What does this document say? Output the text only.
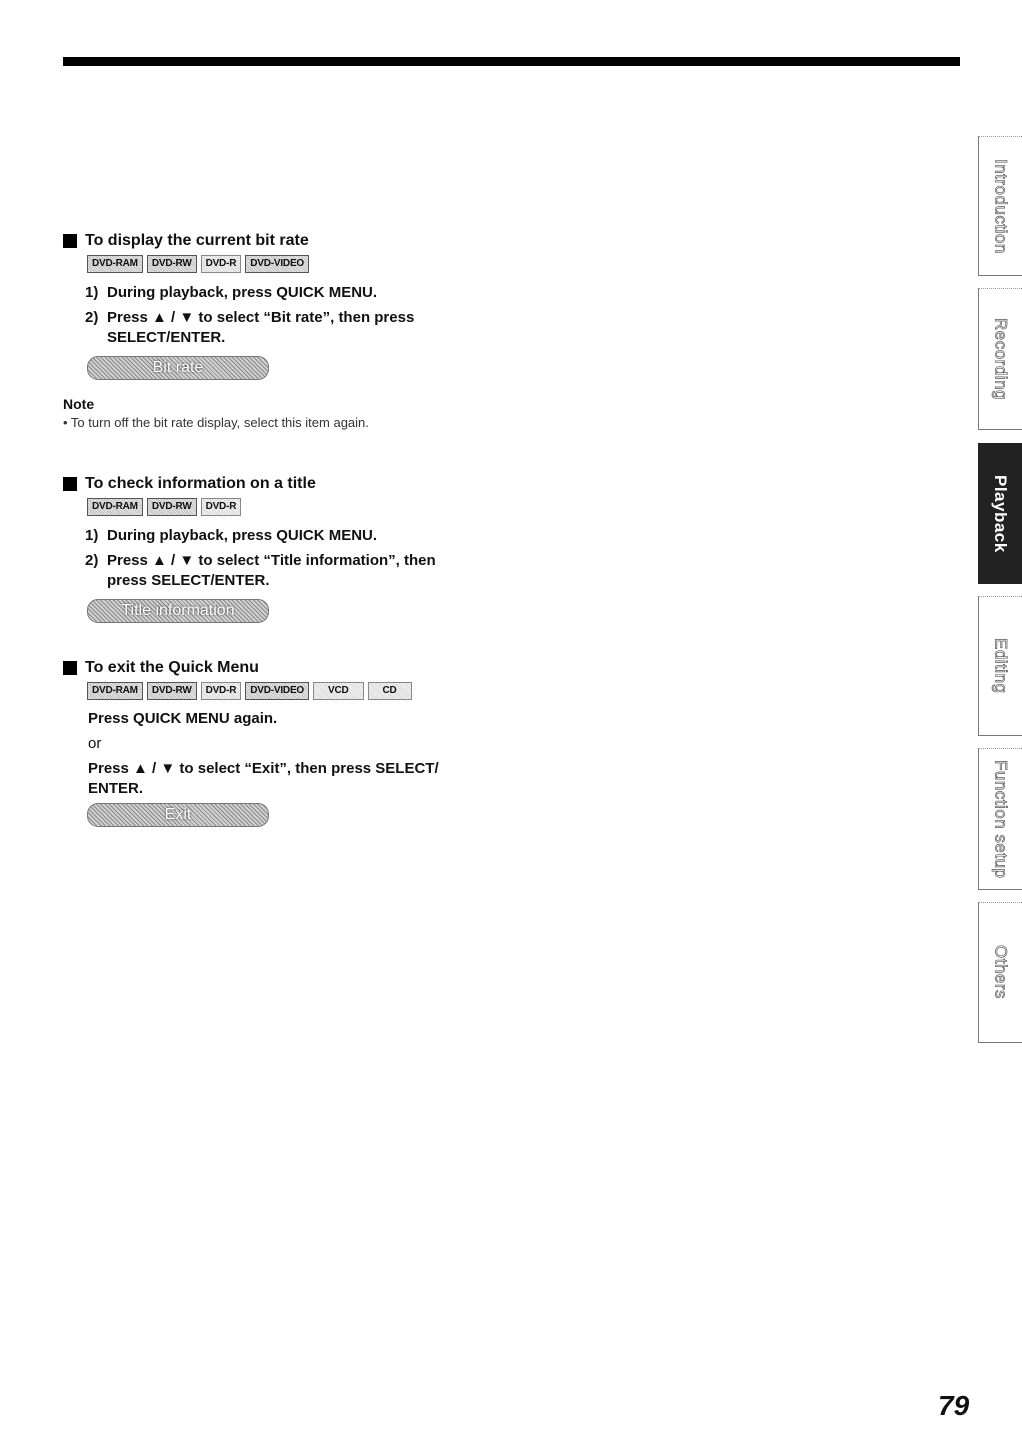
To display the current bit rate
DVD-RAM	DVD-RW	DVD-R	DVD-VIDEO
1) During playback, press QUICK MENU.
2) Press ▲ / ▼ to select “Bit rate”, then press
SELECT/ENTER.
Bit rate
Note
• To turn off the bit rate display, select this item again.
To check information on a title
DVD-RAM	DVD-RW	DVD-R
1) During playback, press QUICK MENU.
2) Press ▲ / ▼ to select “Title information”, then
press SELECT/ENTER.
Title information
To exit the Quick Menu
DVD-RAM	DVD-RW	DVD-R	DVD-VIDEO	VCD	CD
Press QUICK MENU again.
or
Press ▲ / ▼ to select “Exit”, then press SELECT/
ENTER.
Exit
Introduction
Recording
Playback
Editing
Function setup
Others
79
